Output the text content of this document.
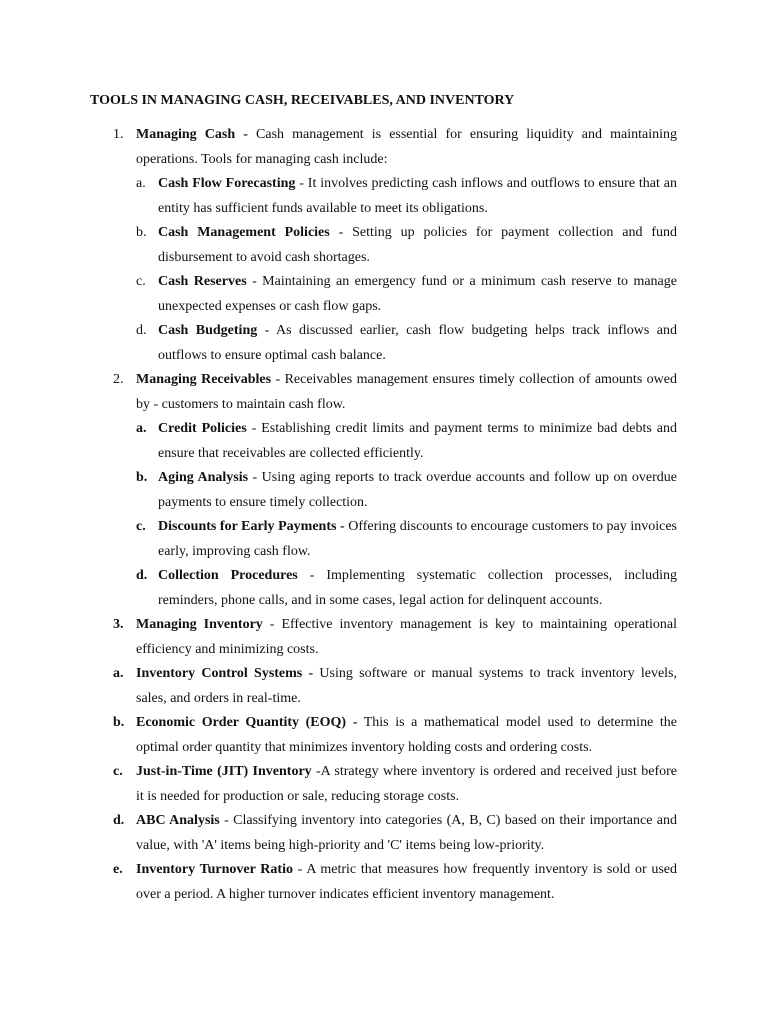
TOOLS IN MANAGING CASH, RECEIVABLES, AND INVENTORY
1. Managing Cash - Cash management is essential for ensuring liquidity and maintaining operations. Tools for managing cash include:
a. Cash Flow Forecasting - It involves predicting cash inflows and outflows to ensure that an entity has sufficient funds available to meet its obligations.
b. Cash Management Policies - Setting up policies for payment collection and fund disbursement to avoid cash shortages.
c. Cash Reserves - Maintaining an emergency fund or a minimum cash reserve to manage unexpected expenses or cash flow gaps.
d. Cash Budgeting - As discussed earlier, cash flow budgeting helps track inflows and outflows to ensure optimal cash balance.
2. Managing Receivables - Receivables management ensures timely collection of amounts owed by - customers to maintain cash flow.
a. Credit Policies - Establishing credit limits and payment terms to minimize bad debts and ensure that receivables are collected efficiently.
b. Aging Analysis - Using aging reports to track overdue accounts and follow up on overdue payments to ensure timely collection.
c. Discounts for Early Payments - Offering discounts to encourage customers to pay invoices early, improving cash flow.
d. Collection Procedures - Implementing systematic collection processes, including reminders, phone calls, and in some cases, legal action for delinquent accounts.
3. Managing Inventory - Effective inventory management is key to maintaining operational efficiency and minimizing costs.
a. Inventory Control Systems - Using software or manual systems to track inventory levels, sales, and orders in real-time.
b. Economic Order Quantity (EOQ) - This is a mathematical model used to determine the optimal order quantity that minimizes inventory holding costs and ordering costs.
c. Just-in-Time (JIT) Inventory -A strategy where inventory is ordered and received just before it is needed for production or sale, reducing storage costs.
d. ABC Analysis - Classifying inventory into categories (A, B, C) based on their importance and value, with 'A' items being high-priority and 'C' items being low-priority.
e. Inventory Turnover Ratio - A metric that measures how frequently inventory is sold or used over a period. A higher turnover indicates efficient inventory management.
